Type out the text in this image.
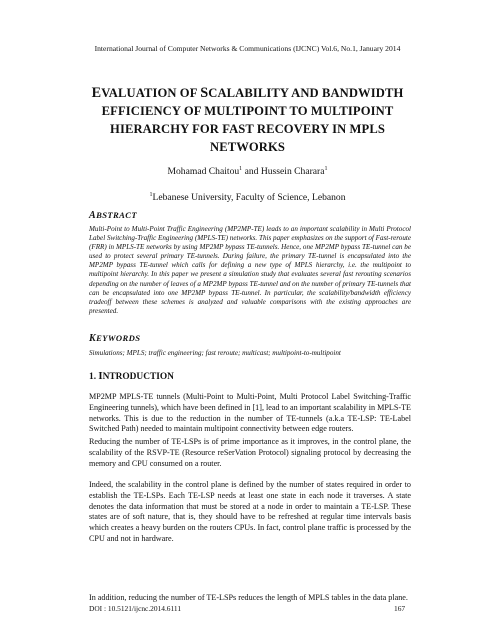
International Journal of Computer Networks & Communications (IJCNC) Vol.6, No.1, January 2014
EVALUATION OF SCALABILITY AND BANDWIDTH
EFFICIENCY OF MULTIPOINT TO MULTIPOINT
HIERARCHY FOR FAST RECOVERY IN MPLS
NETWORKS
Mohamad Chaitou$^1$ and Hussein Charara$^1$
$^1$Lebanese University, Faculty of Science, Lebanon
ABSTRACT
Multi-Point to Multi-Point Traffic Engineering (MP2MP-TE) leads to an important scalability in Multi Protocol Label Switching-Traffic Engineering (MPLS-TE) networks. This paper emphasizes on the support of Fast-reroute (FRR) in MPLS-TE networks by using MP2MP bypass TE-tunnels. Hence, one MP2MP bypass TE-tunnel can be used to protect several primary TE-tunnels. During failure, the primary TE-tunnel is encapsulated into the MP2MP bypass TE-tunnel which calls for defining a new type of MPLS hierarchy, i.e. the multipoint to multipoint hierarchy. In this paper we present a simulation study that evaluates several fast rerouting scenarios depending on the number of leaves of a MP2MP bypass TE-tunnel and on the number of primary TE-tunnels that can be encapsulated into one MP2MP bypass TE-tunnel. In particular, the scalability/bandwidth efficiency tradeoff between these schemes is analyzed and valuable comparisons with the existing approaches are presented.
KEYWORDS
Simulations; MPLS; traffic engineering; fast reroute; multicast; multipoint-to-multipoint
1. INTRODUCTION
MP2MP MPLS-TE tunnels (Multi-Point to Multi-Point, Multi Protocol Label Switching-Traffic Engineering tunnels), which have been defined in [1], lead to an important scalability in MPLS-TE networks. This is due to the reduction in the number of TE-tunnels (a.k.a TE-LSP: TE-Label Switched Path) needed to maintain multipoint connectivity between edge routers.
Reducing the number of TE-LSPs is of prime importance as it improves, in the control plane, the scalability of the RSVP-TE (Resource reSerVation Protocol) signaling protocol by decreasing the memory and CPU consumed on a router.
Indeed, the scalability in the control plane is defined by the number of states required in order to establish the TE-LSPs. Each TE-LSP needs at least one state in each node it traverses. A state denotes the data information that must be stored at a node in order to maintain a TE-LSP. These states are of soft nature, that is, they should have to be refreshed at regular time intervals basis which creates a heavy burden on the routers CPUs. In fact, control plane traffic is processed by the CPU and not in hardware.
In addition, reducing the number of TE-LSPs reduces the length of MPLS tables in the data plane.
DOI : 10.5121/ijcnc.2014.6111	167
